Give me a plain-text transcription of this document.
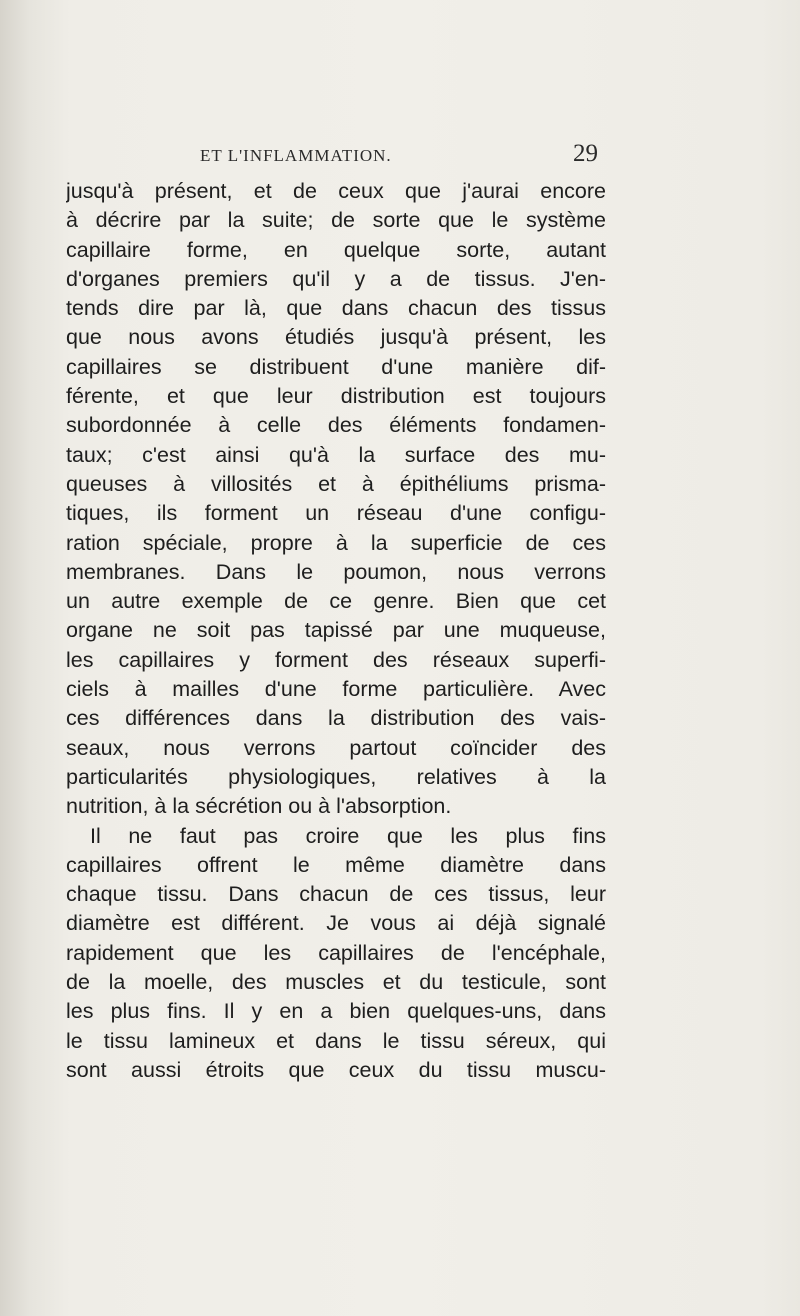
ET L'INFLAMMATION.	29
jusqu'à présent, et de ceux que j'aurai encore
à décrire par la suite; de sorte que le système
capillaire forme, en quelque sorte, autant
d'organes premiers qu'il y a de tissus. J'en-
tends dire par là, que dans chacun des tissus
que nous avons étudiés jusqu'à présent, les
capillaires se distribuent d'une manière dif-
férente, et que leur distribution est toujours
subordonnée à celle des éléments fondamen-
taux; c'est ainsi qu'à la surface des mu-
queuses à villosités et à épithéliums prisma-
tiques, ils forment un réseau d'une configu-
ration spéciale, propre à la superficie de ces
membranes. Dans le poumon, nous verrons
un autre exemple de ce genre. Bien que cet
organe ne soit pas tapissé par une muqueuse,
les capillaires y forment des réseaux superfi-
ciels à mailles d'une forme particulière. Avec
ces différences dans la distribution des vais-
seaux, nous verrons partout coïncider des
particularités physiologiques, relatives à la
nutrition, à la sécrétion ou à l'absorption.
Il ne faut pas croire que les plus fins
capillaires offrent le même diamètre dans
chaque tissu. Dans chacun de ces tissus, leur
diamètre est différent. Je vous ai déjà signalé
rapidement que les capillaires de l'encéphale,
de la moelle, des muscles et du testicule, sont
les plus fins. Il y en a bien quelques-uns, dans
le tissu lamineux et dans le tissu séreux, qui
sont aussi étroits que ceux du tissu muscu-
